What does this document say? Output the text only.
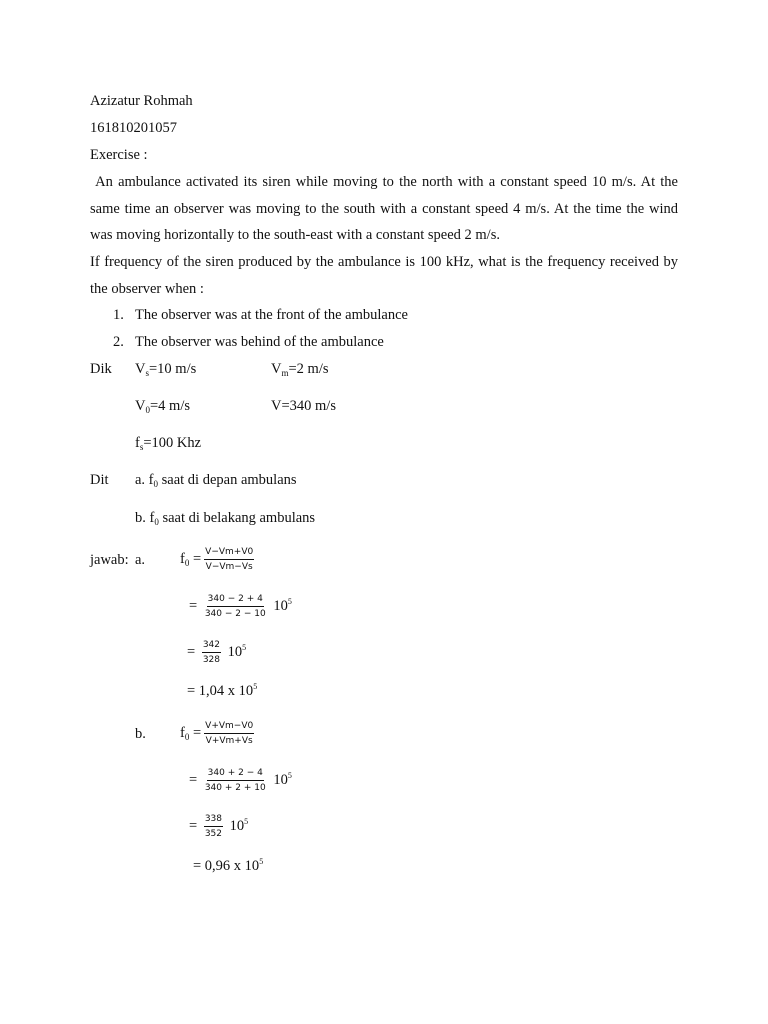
Azizatur Rohmah
161810201057
Exercise :
An ambulance activated its siren while moving to the north with a constant speed 10 m/s. At the same time an observer was moving to the south with a constant speed 4 m/s. At the time the wind was moving horizontally to the south-east with a constant speed 2 m/s.
If frequency of the siren produced by the ambulance is 100 kHz, what is the frequency received by the observer when :
1. The observer was at the front of the ambulance
2. The observer was behind of the ambulance
Dik $V_s=10$ m/s	$V_m=2$ m/s
$V_0=4$ m/s	V=340 m/s
$f_s=100$ Khz
Dit a. $f_0$ saat di depan ambulans
b. $f_0$ saat di belakang ambulans
jawab: a. $f_0 = \frac{V-Vm+V0}{V-Vm-Vs}$
= $\frac{340 - 2 + 4}{340 - 2 - 10} 10^5$
= $\frac{342}{328} 10^5$
= 1,04 x $10^5$
b. $f_0 = \frac{V+Vm-V0}{V+Vm+Vs}$
= $\frac{340 + 2 - 4}{340 + 2 + 10} 10^5$
= $\frac{338}{352} 10^5$
= 0,96 x $10^5$
